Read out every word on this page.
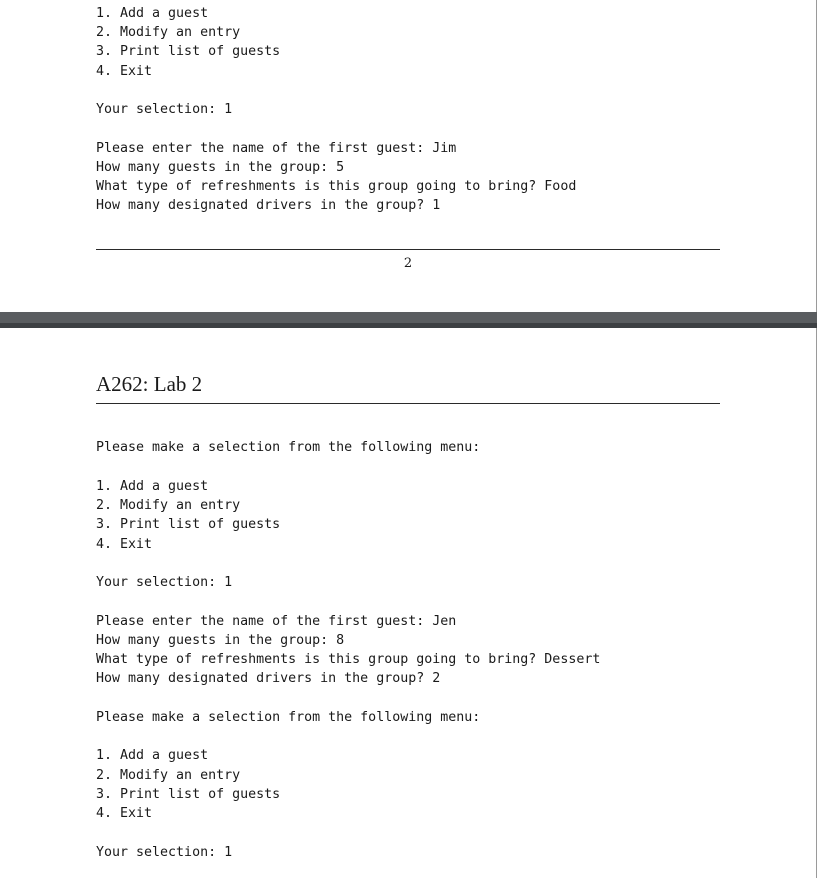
1. Add a guest

2. Modify an entry

3. Print list of guests

4. Exit

Your selection: 1

Please enter the name of the first guest: Jim

How many guests in the group: 5

What type of refreshments is this group going to bring? Food

How many designated drivers in the group? 1

2
A262: Lab 2

Please make a selection from the following menu:

1. Add a guest

2. Modify an entry

3. Print list of guests

4. Exit

Your selection: 1

Please enter the name of the first guest: Jen

How many guests in the group: 8

What type of refreshments is this group going to bring? Dessert

How many designated drivers in the group? 2

Please make a selection from the following menu:

1. Add a guest

2. Modify an entry

3. Print list of guests

4. Exit

Your selection: 1
